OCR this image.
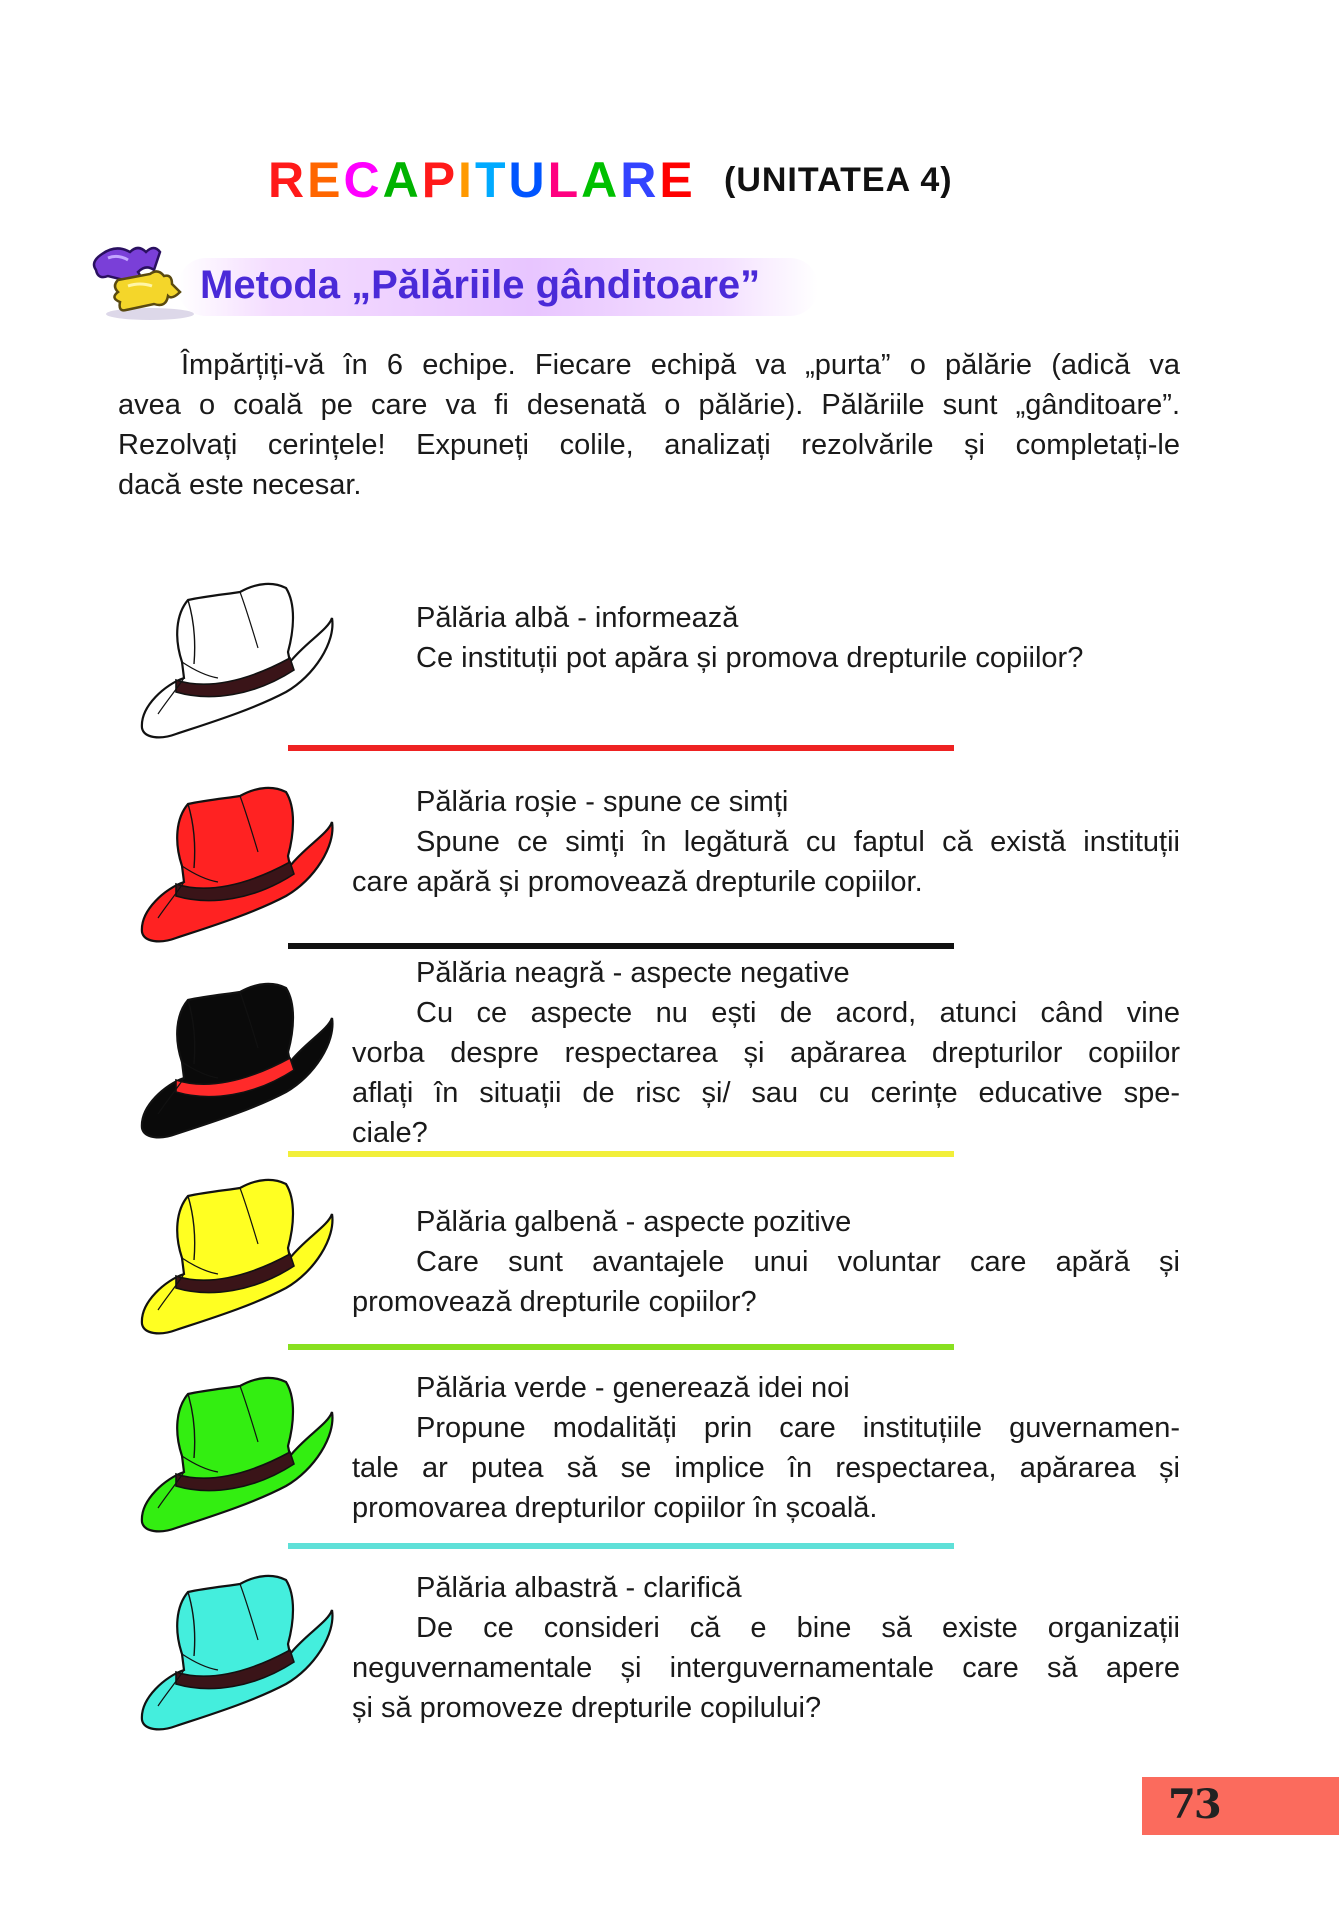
RECAPITULARE (UNITATEA 4)
Metoda „Pălăriile gânditoare”

Împărțiți-vă în 6 echipe. Fiecare echipă va „purta” o pălărie (adică va
avea o coală pe care va fi desenată o pălărie). Pălăriile sunt „gânditoare”.
Rezolvați cerințele! Expuneți colile, analizați rezolvările și completați-le
dacă este necesar.

Pălăria albă - informează
Ce instituții pot apăra și promova drepturile copiilor?
Pălăria roșie - spune ce simți
Spune ce simți în legătură cu faptul că există instituții
care apără și promovează drepturile copiilor.
Pălăria neagră - aspecte negative
Cu ce aspecte nu ești de acord, atunci când vine
vorba despre respectarea și apărarea drepturilor copiilor
aflați în situații de risc și/ sau cu cerințe educative spe-
ciale?
Pălăria galbenă - aspecte pozitive
Care sunt avantajele unui voluntar care apără și
promovează drepturile copiilor?
Pălăria verde - generează idei noi
Propune modalități prin care instituțiile guvernamen-
tale ar putea să se implice în respectarea, apărarea și
promovarea drepturilor copiilor în școală.
Pălăria albastră - clarifică
De ce consideri că e bine să existe organizații
neguvernamentale și interguvernamentale care să apere
și să promoveze drepturile copilului?
73
